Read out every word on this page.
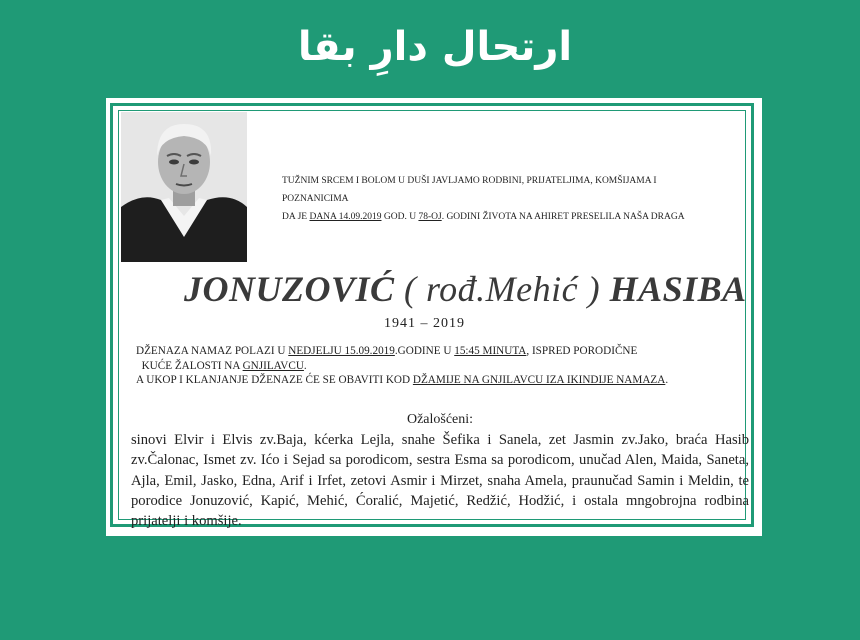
ارتحال دارِ بقا
TUŽNIM SRCEM I BOLOM U DUŠI JAVLJAMO RODBINI, PRIJATELJIMA, KOMŠIJAMA I POZNANICIMA
DA JE DANA 14.09.2019 GOD. U 78-OJ. GODINI ŽIVOTA NA AHIRET PRESELILA NAŠA DRAGA
JONUZOVIĆ ( rođ.Mehić ) HASIBA
1941 – 2019
DŽENAZA NAMAZ POLAZI U NEDJELJU 15.09.2019.GODINE U 15:45 MINUTA, ISPRED PORODIČNE
KUĆE ŽALOSTI NA GNJILAVCU.
A UKOP I KLANJANJE DŽENAZE ĆE SE OBAVITI KOD DŽAMIJE NA GNJILAVCU IZA IKINDIJE NAMAZA.
Ožalošćeni:
sinovi Elvir i Elvis zv.Baja, kćerka Lejla, snahe Šefika i Sanela, zet Jasmin zv.Jako, braća Hasib zv.Čalonac, Ismet zv. Ićo i Sejad sa porodicom, sestra Esma sa porodicom, unučad Alen, Maida, Saneta, Ajla, Emil, Jasko, Edna, Arif i Irfet, zetovi Asmir i Mirzet, snaha Amela, praunučad Samin i Meldin, te porodice Jonuzović, Kapić, Mehić, Ćoralić, Majetić, Redžić, Hodžić, i ostala mngobrojna rodbina prijatelji i komšije.
